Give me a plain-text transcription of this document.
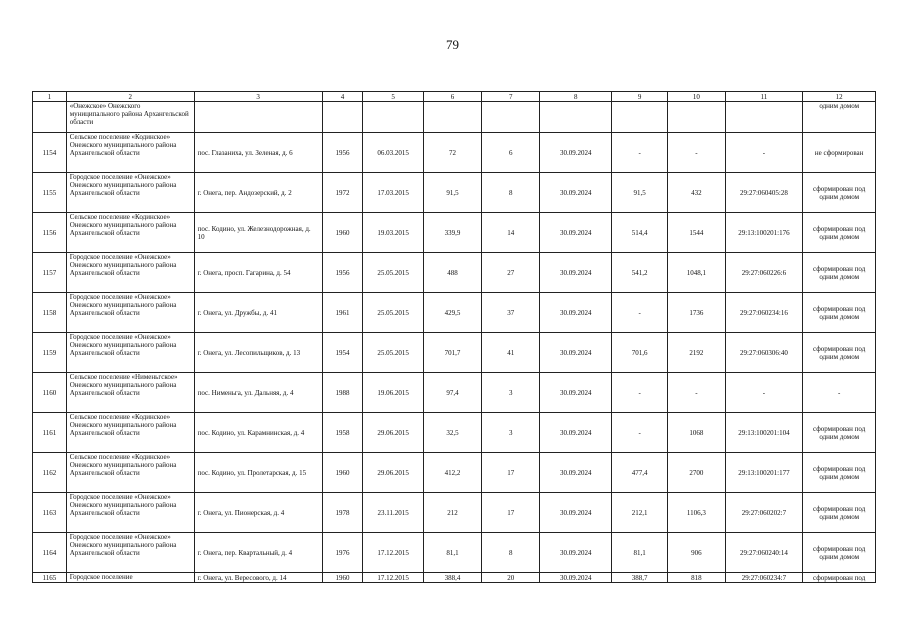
79
1	2	3	4	5	6	7	8	9	10	11	12
	«Онежское» Онежского муниципального района Архангельской области										одним домом
1154	Сельское поселение «Кодинское» Онежского муниципального района Архангельской области	пос. Глазаниха, ул. Зеленая, д. 6	1956	06.03.2015	72	6	30.09.2024	-	-	-	не сформирован
1155	Городское поселение «Онежское» Онежского муниципального района Архангельской области	г. Онега, пер. Андозерский, д. 2	1972	17.03.2015	91,5	8	30.09.2024	91,5	432	29:27:060405:28	сформирован под одним домом
1156	Сельское поселение «Кодинское» Онежского муниципального района Архангельской области	пос. Кодино, ул. Железнодорожная, д. 10	1960	19.03.2015	339,9	14	30.09.2024	514,4	1544	29:13:100201:176	сформирован под одним домом
1157	Городское поселение «Онежское» Онежского муниципального района Архангельской области	г. Онега, просп. Гагарина, д. 54	1956	25.05.2015	488	27	30.09.2024	541,2	1048,1	29:27:060226:6	сформирован под одним домом
1158	Городское поселение «Онежское» Онежского муниципального района Архангельской области	г. Онега, ул. Дружбы, д. 41	1961	25.05.2015	429,5	37	30.09.2024	-	1736	29:27:060234:16	сформирован под одним домом
1159	Городское поселение «Онежское» Онежского муниципального района Архангельской области	г. Онега, ул. Лесопильщиков, д. 13	1954	25.05.2015	701,7	41	30.09.2024	701,6	2192	29:27:060306:40	сформирован под одним домом
1160	Сельское поселение «Нименьгское» Онежского муниципального района Архангельской области	пос. Нименьга, ул. Дальняя, д. 4	1988	19.06.2015	97,4	3	30.09.2024	-	-	-	-
1161	Сельское поселение «Кодинское» Онежского муниципального района Архангельской области	пос. Кодино, ул. Карамнинская, д. 4	1958	29.06.2015	32,5	3	30.09.2024	-	1068	29:13:100201:104	сформирован под одним домом
1162	Сельское поселение «Кодинское» Онежского муниципального района Архангельской области	пос. Кодино, ул. Пролетарская, д. 15	1960	29.06.2015	412,2	17	30.09.2024	477,4	2700	29:13:100201:177	сформирован под одним домом
1163	Городское поселение «Онежское» Онежского муниципального района Архангельской области	г. Онега, ул. Пионерская, д. 4	1978	23.11.2015	212	17	30.09.2024	212,1	1106,3	29:27:060202:7	сформирован под одним домом
1164	Городское поселение «Онежское» Онежского муниципального района Архангельской области	г. Онега, пер. Квартальный, д. 4	1976	17.12.2015	81,1	8	30.09.2024	81,1	906	29:27:060240:14	сформирован под одним домом
1165	Городское поселение	г. Онега, ул. Вересового, д. 14	1960	17.12.2015	388,4	20	30.09.2024	388,7	818	29:27:060234:7	сформирован под
